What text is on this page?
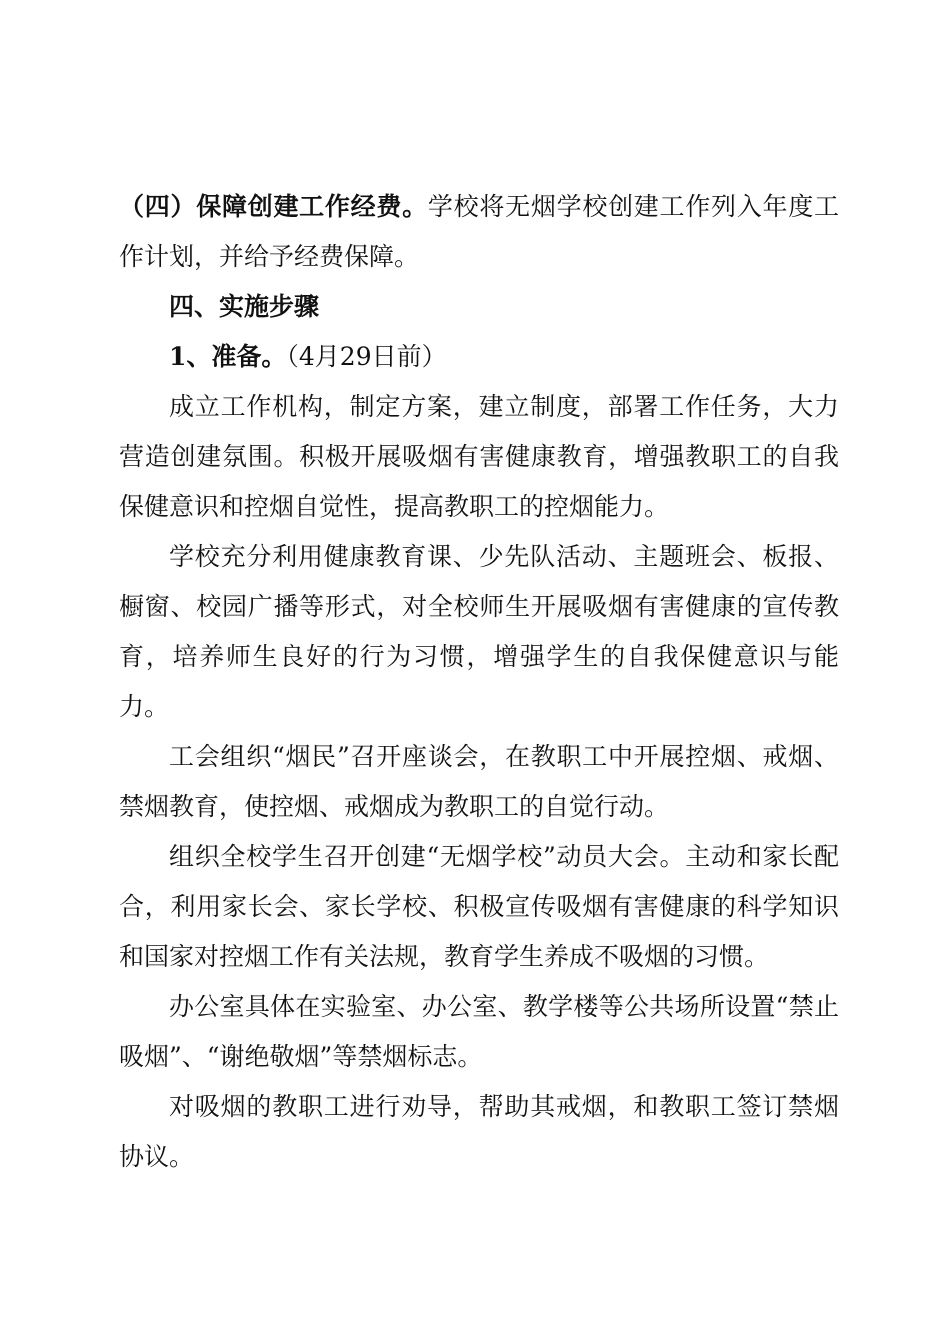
（四）保障创建工作经费。学校将无烟学校创建工作列入年度工作计划，并给予经费保障。

四、实施步骤

1、准备。（4月29日前）

成立工作机构，制定方案，建立制度，部署工作任务，大力营造创建氛围。积极开展吸烟有害健康教育，增强教职工的自我保健意识和控烟自觉性，提高教职工的控烟能力。

学校充分利用健康教育课、少先队活动、主题班会、板报、橱窗、校园广播等形式，对全校师生开展吸烟有害健康的宣传教育，培养师生良好的行为习惯，增强学生的自我保健意识与能力。

工会组织“烟民”召开座谈会，在教职工中开展控烟、戒烟、禁烟教育，使控烟、戒烟成为教职工的自觉行动。

组织全校学生召开创建“无烟学校”动员大会。主动和家长配合，利用家长会、家长学校、积极宣传吸烟有害健康的科学知识和国家对控烟工作有关法规，教育学生养成不吸烟的习惯。

办公室具体在实验室、办公室、教学楼等公共场所设置“禁止吸烟”、“谢绝敬烟”等禁烟标志。

对吸烟的教职工进行劝导，帮助其戒烟，和教职工签订禁烟协议。
